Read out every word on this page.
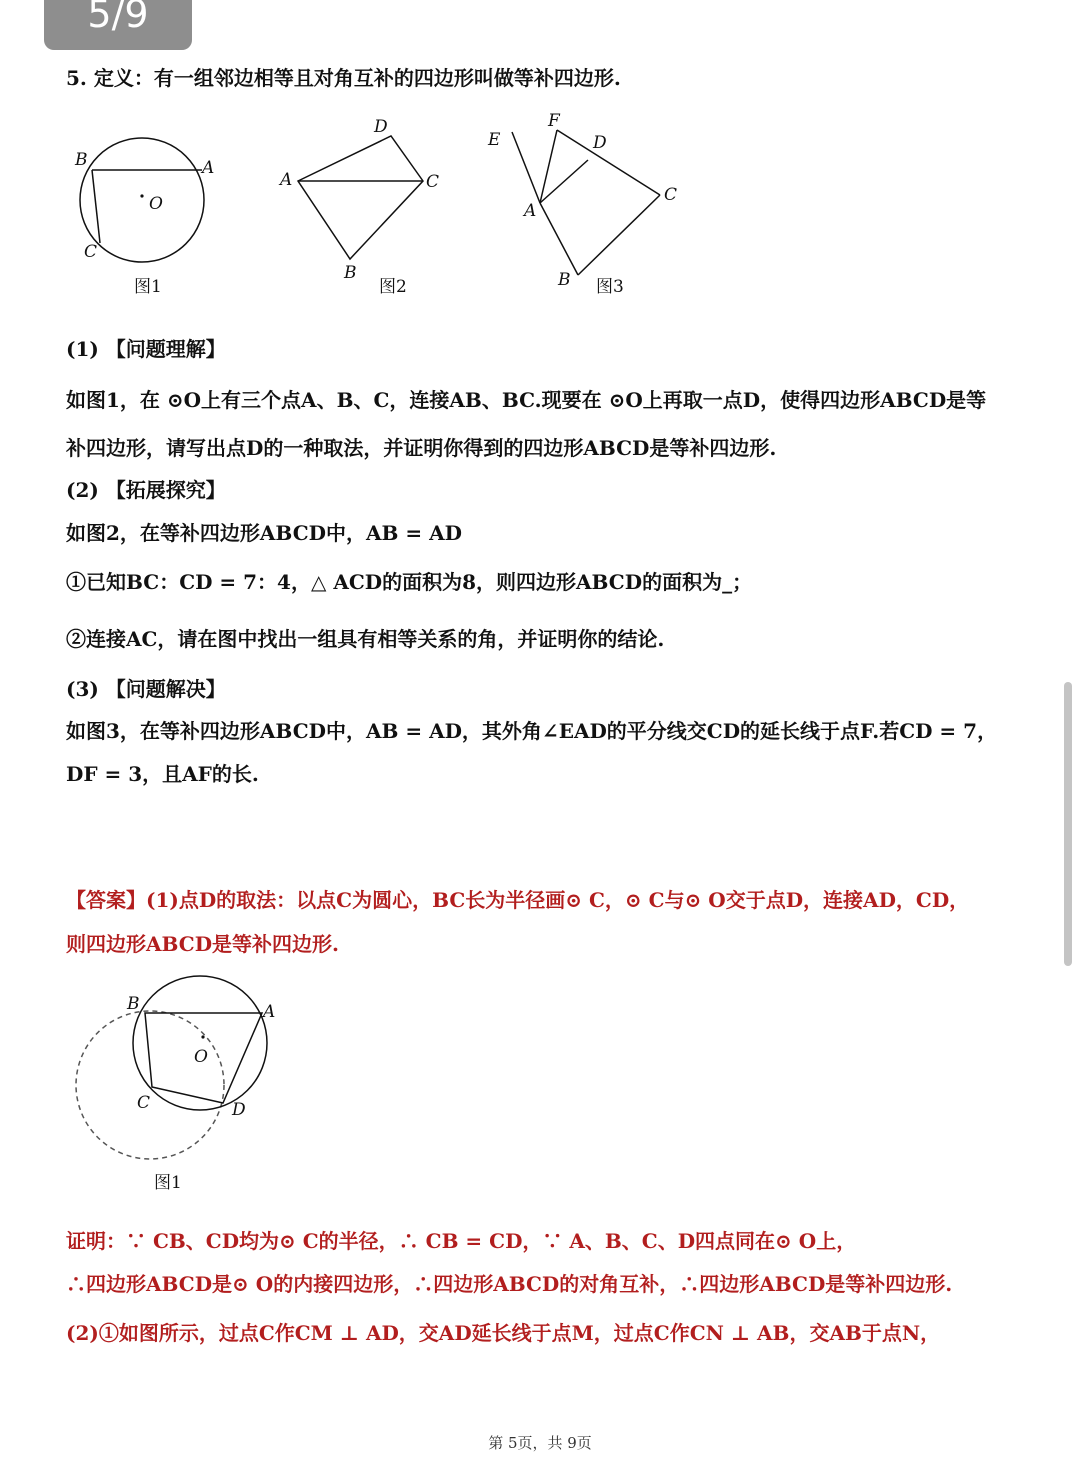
5/9
5. 定义：有一组邻边相等且对角互补的四边形叫做等补四边形.
B	A
O
C
图1
D
A	C
B
图2
E
F
D
A
C
B 图3
(1) 【问题理解】
如图1，在 ⊙O上有三个点A、B、C，连接AB、BC.现要在 ⊙O上再取一点D，使得四边形ABCD是等
补四边形，请写出点D的一种取法，并证明你得到的四边形ABCD是等补四边形.
(2) 【拓展探究】
如图2，在等补四边形ABCD中，AB = AD
①已知BC：CD = 7：4，△ ACD的面积为8，则四边形ABCD的面积为_；
②连接AC，请在图中找出一组具有相等关系的角，并证明你的结论.
(3) 【问题解决】
如图3，在等补四边形ABCD中，AB = AD，其外角∠EAD的平分线交CD的延长线于点F.若CD = 7，
DF = 3，且AF的长.
【答案】(1)点D的取法：以点C为圆心，BC长为半径画⊙ C，⊙ C与⊙ O交于点D，连接AD，CD，
则四边形ABCD是等补四边形.
B	A
O
C	D
图1
证明：∵ CB、CD均为⊙ C的半径，∴ CB = CD，∵ A、B、C、D四点同在⊙ O上，
∴四边形ABCD是⊙ O的内接四边形，∴四边形ABCD的对角互补，∴四边形ABCD是等补四边形.
(2)①如图所示，过点C作CM ⊥ AD，交AD延长线于点M，过点C作CN ⊥ AB，交AB于点N，
第 5页，共 9页
